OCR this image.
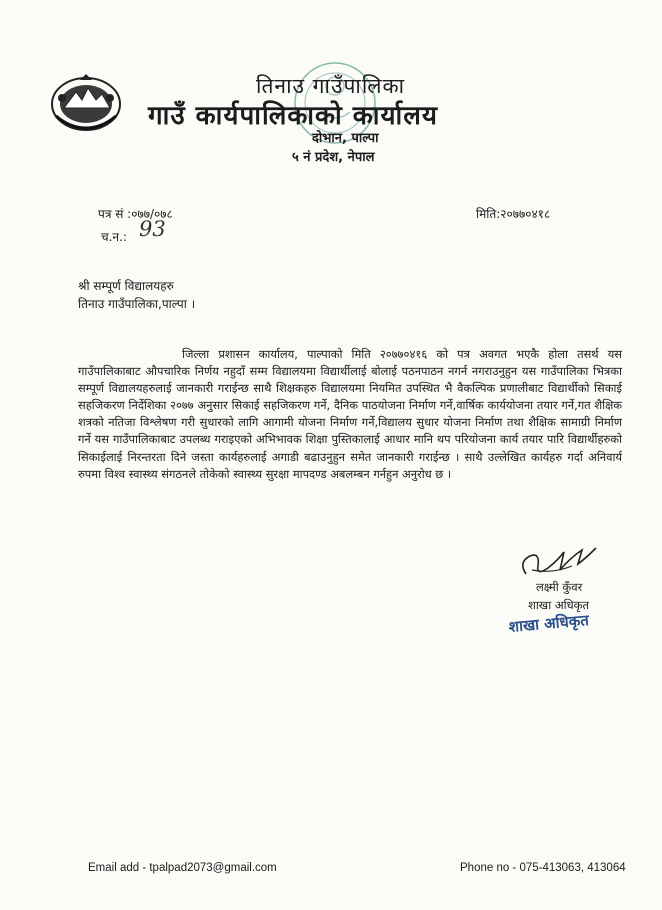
तिनाउ गाउँपालिका
गाउँ कार्यपालिकाको कार्यालय
दोभान, पाल्पा
५ नं प्रदेश, नेपाल
पत्र सं :०७७/०७८	मिति:२०७७०४१८
च.न.: 93
श्री सम्पूर्ण विद्यालयहरु
तिनाउ गाउँपालिका,पाल्पा ।

जिल्ला प्रशासन कार्यालय, पाल्पाको मिति २०७७०४१६ को पत्र अवगत भएकै होला तसर्थ यस गाउँपालिकाबाट औपचारिक निर्णय नहुदाँ सम्म विद्यालयमा विद्यार्थीलाई बोलाई पठनपाठन नगर्न नगराउनुहुन यस गाउँपालिका भित्रका सम्पूर्ण विद्यालयहरुलाई जानकारी गराईन्छ साथै शिक्षकहरु विद्यालयमा नियमित उपस्थित भै वैकल्पिक प्रणालीबाट विद्यार्थीको सिकाई सहजिकरण निर्देशिका २०७७ अनुसार सिकाई सहजिकरण गर्ने, दैनिक पाठयोजना निर्माण गर्ने,वार्षिक कार्ययोजना तयार गर्ने,गत शैक्षिक शत्रको नतिजा विश्लेषण गरी सुधारको लागि आगामी योजना निर्माण गर्ने,विद्यालय सुधार योजना निर्माण तथा शैक्षिक सामाग्री निर्माण गर्ने यस गाउँपालिकाबाट उपलब्ध गराइएको अभिभावक शिक्षा पुस्तिकालाई आधार मानि थप परियोजना कार्य तयार पारि विद्यार्थीहरुको सिकाईलाई निरन्तरता दिने जस्ता कार्यहरुलाई अगाडी बढाउनुहुन समेत जानकारी गराईन्छ । साथै उल्लेखित कार्यहरु गर्दा अनिवार्य रुपमा विश्व स्वास्थ्य संगठनले तोकेको स्वास्थ्य सुरक्षा मापदण्ड अबलम्बन गर्नहुन अनुरोध छ ।

लक्ष्मी कुँवर
शाखा अधिकृत
शाखा अधिकृत
Email add - tpalpad2073@gmail.com	Phone no - 075-413063, 413064
